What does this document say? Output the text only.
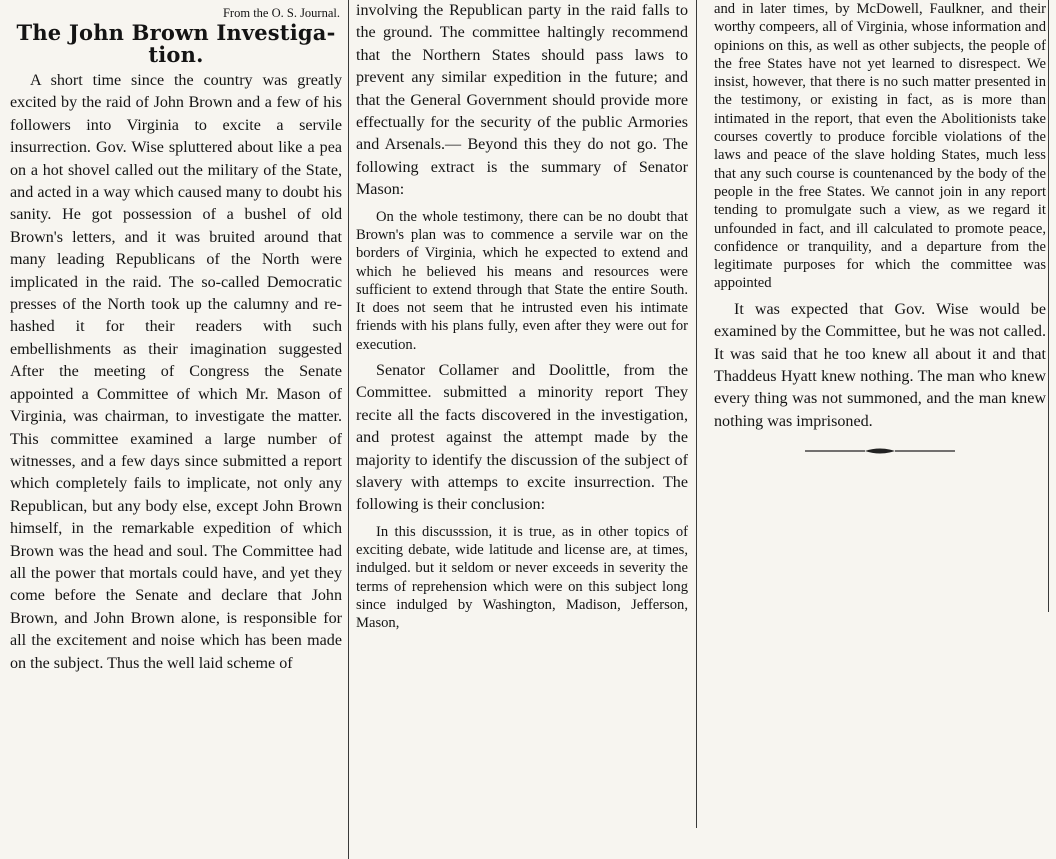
From the O. S. Journal.
The John Brown Investiga-tion.

A short time since the country was greatly excited by the raid of John Brown and a few of his followers into Virginia to excite a servile insurrection. Gov. Wise spluttered about like a pea on a hot shovel called out the military of the State, and acted in a way which caused many to doubt his sanity. He got possession of a bushel of old Brown's letters, and it was bruited around that many leading Republicans of the North were implicated in the raid. The so-called Democratic presses of the North took up the calumny and re-hashed it for their readers with such embellishments as their imagination suggested After the meeting of Congress the Senate appointed a Committee of which Mr. Mason of Virginia, was chairman, to investigate the matter. This committee examined a large number of witnesses, and a few days since submitted a report which completely fails to implicate, not only any Republican, but any body else, except John Brown himself, in the remarkable expedition of which Brown was the head and soul. The Committee had all the power that mortals could have, and yet they come before the Senate and declare that John Brown, and John Brown alone, is responsible for all the excitement and noise which has been made on the subject. Thus the well laid scheme of

involving the Republican party in the raid falls to the ground. The committee haltingly recommend that the Northern States should pass laws to prevent any similar expedition in the future; and that the General Government should provide more effectually for the security of the public Armories and Arsenals.— Beyond this they do not go. The following extract is the summary of Senator Mason:

On the whole testimony, there can be no doubt that Brown's plan was to commence a servile war on the borders of Virginia, which he expected to extend and which he believed his means and resources were sufficient to extend through that State the entire South. It does not seem that he intrusted even his intimate friends with his plans fully, even after they were out for execution.

Senator Collamer and Doolittle, from the Committee. submitted a minority report They recite all the facts discovered in the investigation, and protest against the attempt made by the majority to identify the discussion of the subject of slavery with attemps to excite insurrection. The following is their conclusion:

In this discusssion, it is true, as in other topics of exciting debate, wide latitude and license are, at times, indulged. but it seldom or never exceeds in severity the terms of reprehension which were on this subject long since indulged by Washington, Madison, Jefferson, Mason,

and in later times, by McDowell, Faulkner, and their worthy compeers, all of Virginia, whose information and opinions on this, as well as other subjects, the people of the free States have not yet learned to disrespect. We insist, however, that there is no such matter presented in the testimony, or existing in fact, as is more than intimated in the report, that even the Abolitionists take courses covertly to produce forcible violations of the laws and peace of the slave holding States, much less that any such course is countenanced by the body of the people in the free States. We cannot join in any report tending to promulgate such a view, as we regard it unfounded in fact, and ill calculated to promote peace, confidence or tranquility, and a departure from the legitimate purposes for which the committee was appointed

It was expected that Gov. Wise would be examined by the Committee, but he was not called. It was said that he too knew all about it and that Thaddeus Hyatt knew nothing. The man who knew every thing was not summoned, and the man knew nothing was imprisoned.
